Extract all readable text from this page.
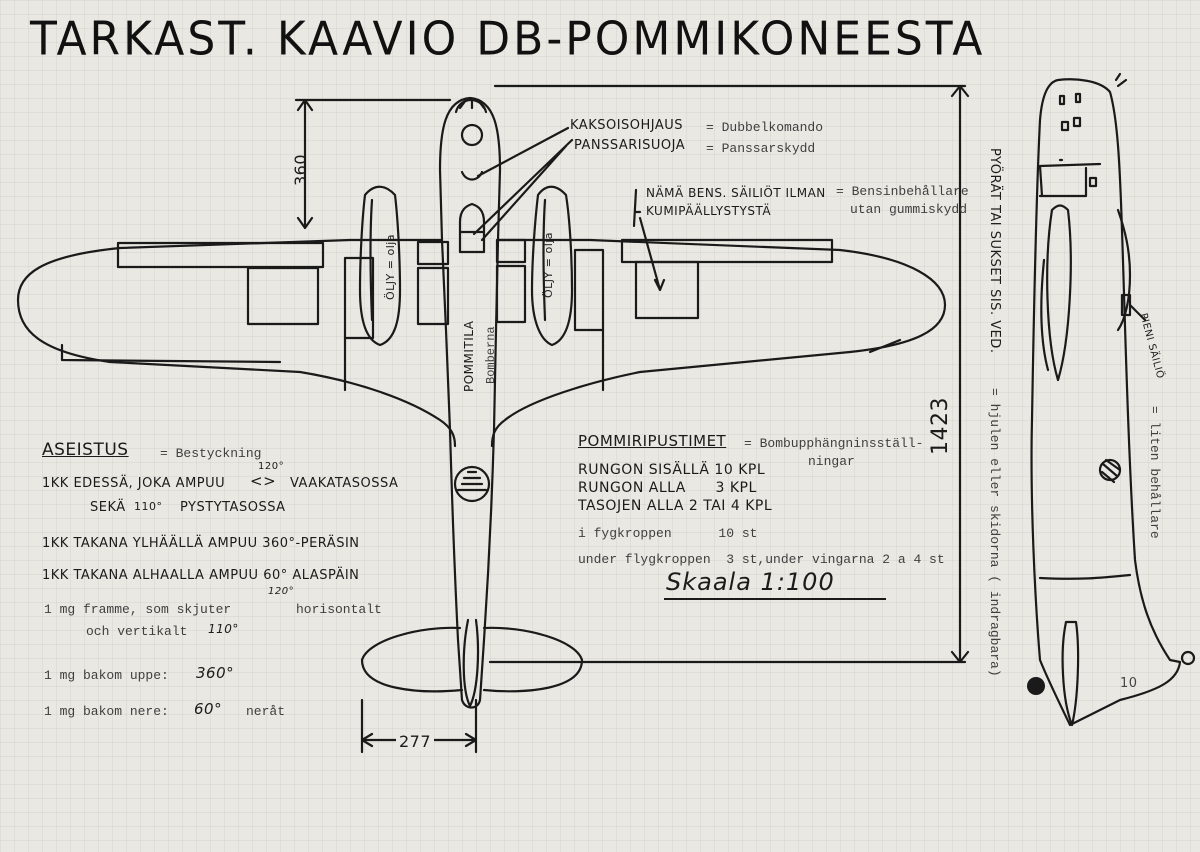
TARKAST. KAAVIO DB-POMMIKONEESTA
360
1423
277
KAKSOISOHJAUS = Dubbelkomando
PANSSARISUOJA = Panssarskydd
NÄMÄ BENS. SÄILIÖT ILMAN
KUMIPÄÄLLYSTYSTÄ
= Bensinbehållare
utan gummiskydd
ÖLJY = olja	ÖLJY = olja
POMMITILA Bomberna
PYÖRÄT TAI SUKSET SIS. VED.
= hjulen eller skidorna ( indragbara)
PIENI SÄILIÖ
= liten behållare
10
ASEISTUS = Bestyckning
1KK EDESSÄ, JOKA AMPUU
120°
<> VAAKATASOSSA
SEKÄ 110° PYSTYTASOSSA
1KK TAKANA YLHÄÄLLÄ AMPUU 360°-PERÄSIN
1KK TAKANA ALHAALLA AMPUU 60° ALASPÄIN
1 mg framme, som skjuter
120°
horisontalt
och vertikalt 110°
1 mg bakom uppe: 360°
1 mg bakom nere: 60° neråt
POMMIRIPUSTIMET = Bombupphängninsställ-
ningar
RUNGON SISÄLLÄ 10 KPL
RUNGON ALLA      3 KPL
TASOJEN ALLA 2 TAI 4 KPL
i fygkroppen      10 st
under flygkroppen  3 st,under vingarna 2 a 4 st
Skaala 1:100
